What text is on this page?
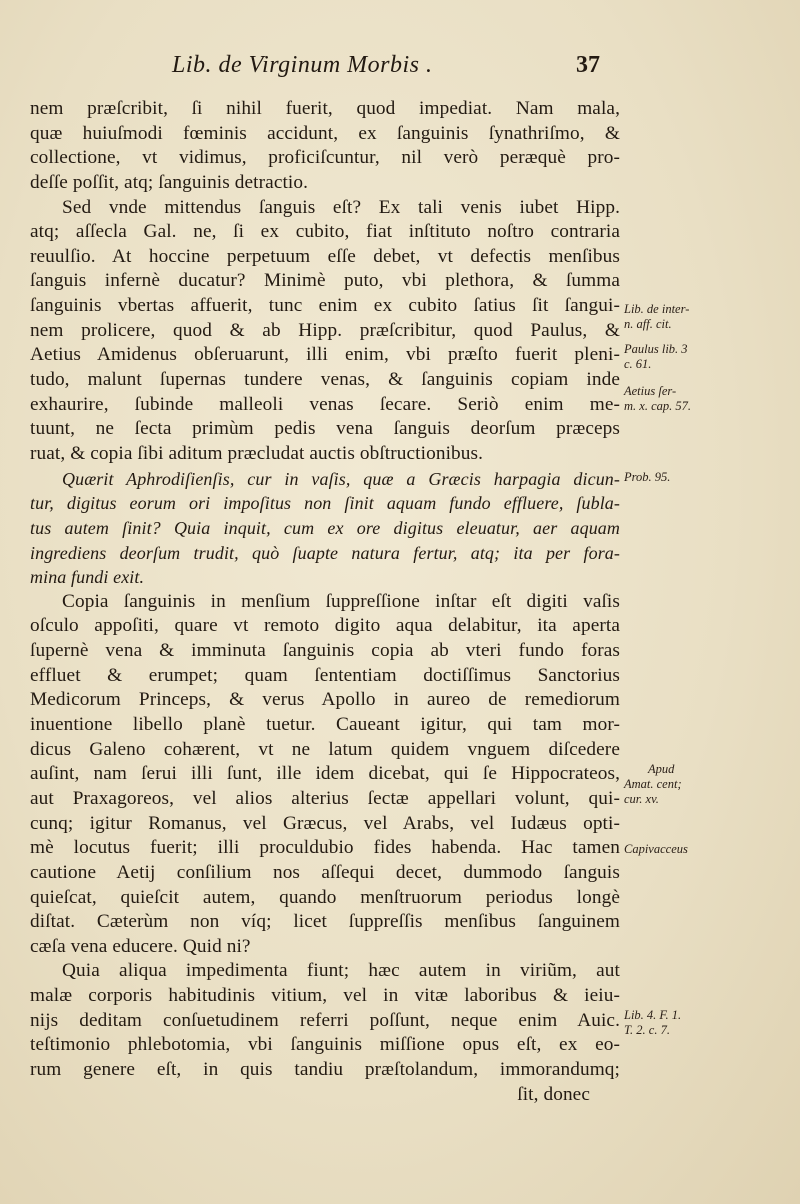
Lib. de Virginum Morbis .	37
nem præſcribit, ſi nihil fuerit, quod impediat. Nam mala,
quæ huiuſmodi fœminis accidunt, ex ſanguinis ſynathriſmo, &
collectione, vt vidimus, proficiſcuntur, nil verò peræquè pro-
deſſe poſſit, atq; ſanguinis detractio.
Sed vnde mittendus ſanguis eſt? Ex tali venis iubet Hipp.
atq; aſſecla Gal. ne, ſi ex cubito, fiat inſtituto noſtro contraria
reuulſio. At hoccine perpetuum eſſe debet, vt defectis menſibus
ſanguis infernè ducatur? Minimè puto, vbi plethora, & ſumma
ſanguinis vbertas affuerit, tunc enim ex cubito ſatius ſit ſangui-
nem prolicere, quod & ab Hipp. præſcribitur, quod Paulus, &
Aetius Amidenus obſeruarunt, illi enim, vbi præſto fuerit pleni-
tudo, malunt ſupernas tundere venas, & ſanguinis copiam inde
exhaurire, ſubinde malleoli venas ſecare. Seriò enim me-
tuunt, ne ſecta primùm pedis vena ſanguis deorſum præceps
ruat, & copia ſibi aditum præcludat auctis obſtructionibus.
Quærit Aphrodiſienſis, cur in vaſis, quæ a Græcis harpagia dicun-
tur, digitus eorum ori impoſitus non ſinit aquam fundo effluere, ſubla-
tus autem ſinit? Quia inquit, cum ex ore digitus eleuatur, aer aquam
ingrediens deorſum trudit, quò ſuapte natura fertur, atq; ita per fora-
mina fundi exit.
Copia ſanguinis in menſium ſuppreſſione inſtar eſt digiti vaſis
oſculo appoſiti, quare vt remoto digito aqua delabitur, ita aperta
ſupernè vena & imminuta ſanguinis copia ab vteri fundo foras
effluet & erumpet; quam ſententiam doctiſſimus Sanctorius
Medicorum Princeps, & verus Apollo in aureo de remediorum
inuentione libello planè tuetur. Caueant igitur, qui tam mor-
dicus Galeno cohærent, vt ne latum quidem vnguem diſcedere
auſint, nam ſerui illi ſunt, ille idem dicebat, qui ſe Hippocrateos,
aut Praxagoreos, vel alios alterius ſectæ appellari volunt, qui-
cunq; igitur Romanus, vel Græcus, vel Arabs, vel Iudæus opti-
mè locutus fuerit; illi proculdubio fides habenda. Hac tamen
cautione Aetij conſilium nos aſſequi decet, dummodo ſanguis
quieſcat, quieſcit autem, quando menſtruorum periodus longè
diſtat. Cæterùm non víq; licet ſuppreſſis menſibus ſanguinem
cæſa vena educere. Quid ni?
Quia aliqua impedimenta fiunt; hæc autem in viriũm, aut
malæ corporis habitudinis vitium, vel in vitæ laboribus & ieiu-
nijs deditam conſuetudinem referri poſſunt, neque enim Auic.
teſtimonio phlebotomia, vbi ſanguinis miſſione opus eſt, ex eo-
rum genere eſt, in quis tandiu præſtolandum, immorandumq;
ſit, donec
Lib. de inter-
n. aff. cit.
Paulus lib. 3
c. 61.
Aetius ſer-
m. x. cap. 57.
Prob. 95.
Apud
Amat. cent;
cur. xv.
Capivacceus
Lib. 4. F. 1.
T. 2. c. 7.
